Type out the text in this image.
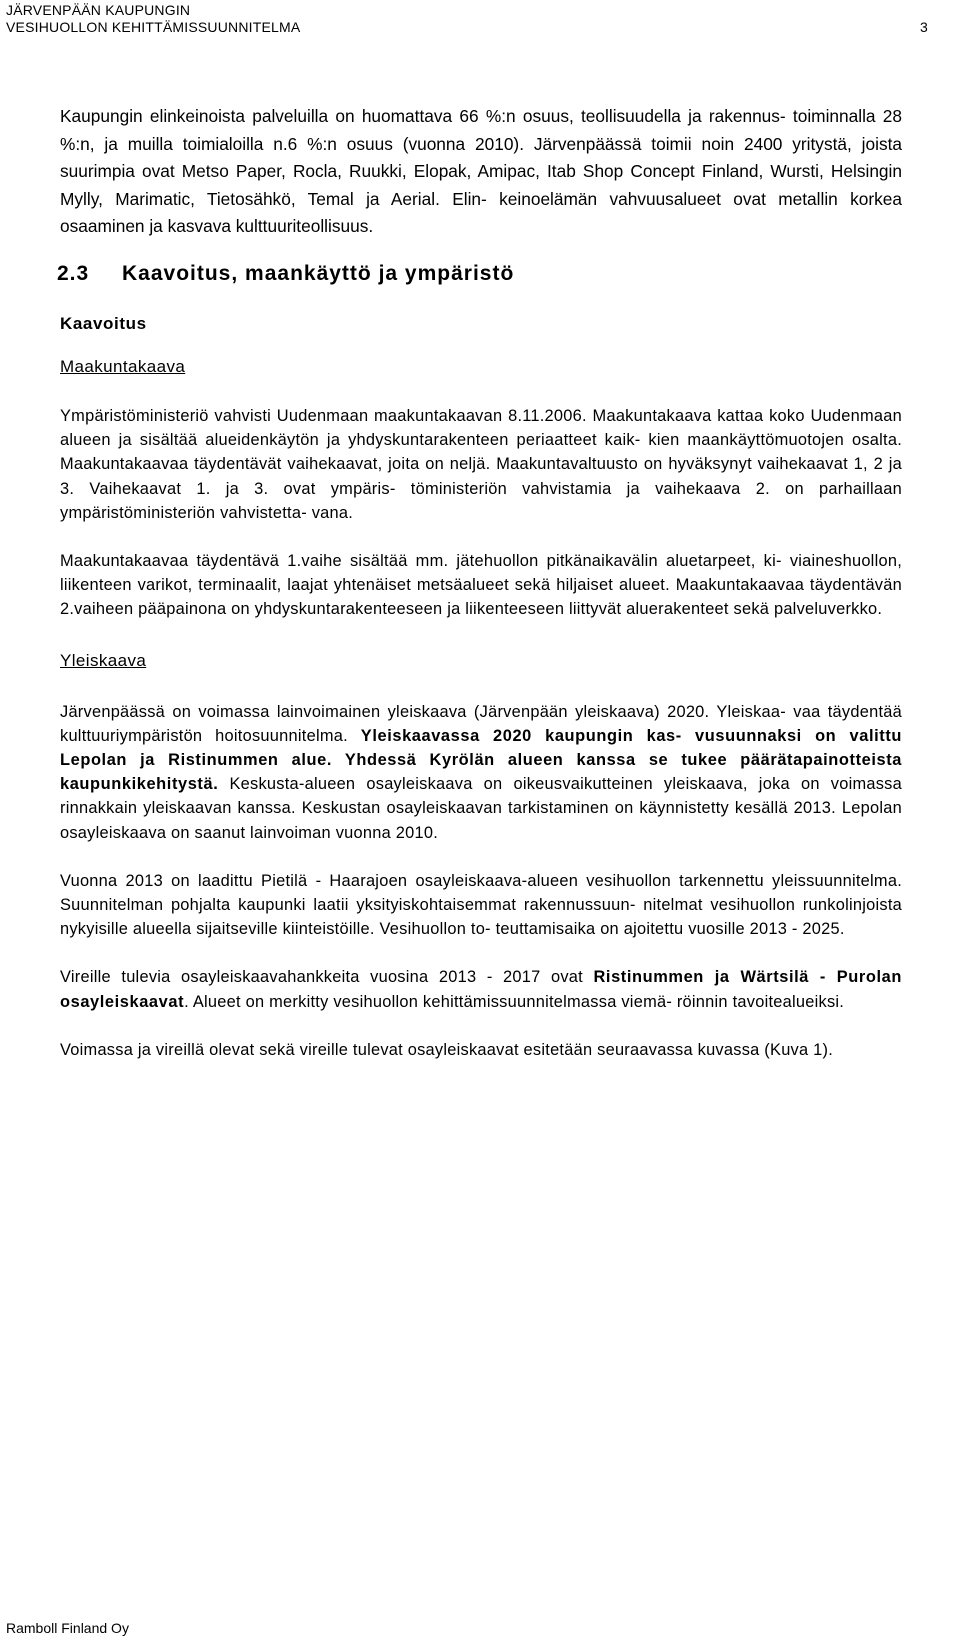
JÄRVENPÄÄN KAUPUNGIN
VESIHUOLLON KEHITTÄMISSUUNNITELMA	3

Kaupungin elinkeinoista palveluilla on huomattava 66 %:n osuus, teollisuudella ja rakennus- toiminnalla 28 %:n, ja muilla toimialoilla n.6 %:n osuus (vuonna 2010). Järvenpäässä toimii noin 2400 yritystä, joista suurimpia ovat Metso Paper, Rocla, Ruukki, Elopak, Amipac, Itab Shop Concept Finland, Wursti, Helsingin Mylly, Marimatic, Tietosähkö, Temal ja Aerial. Elin- keinoelämän vahvuusalueet ovat metallin korkea osaaminen ja kasvava kulttuuriteollisuus.

2.3 Kaavoitus, maankäyttö ja ympäristö
Kaavoitus
Maakuntakaava

Ympäristöministeriö vahvisti Uudenmaan maakuntakaavan 8.11.2006. Maakuntakaava kattaa koko Uudenmaan alueen ja sisältää alueidenkäytön ja yhdyskuntarakenteen periaatteet kaik- kien maankäyttömuotojen osalta. Maakuntakaavaa täydentävät vaihekaavat, joita on neljä. Maakuntavaltuusto on hyväksynyt vaihekaavat 1, 2 ja 3. Vaihekaavat 1. ja 3. ovat ympäris- töministeriön vahvistamia ja vaihekaava 2. on parhaillaan ympäristöministeriön vahvistetta- vana.

Maakuntakaavaa täydentävä 1.vaihe sisältää mm. jätehuollon pitkänaikavälin aluetarpeet, ki- viaineshuollon, liikenteen varikot, terminaalit, laajat yhtenäiset metsäalueet sekä hiljaiset alueet. Maakuntakaavaa täydentävän 2.vaiheen pääpainona on yhdyskuntarakenteeseen ja liikenteeseen liittyvät aluerakenteet sekä palveluverkko.

Yleiskaava

Järvenpäässä on voimassa lainvoimainen yleiskaava (Järvenpään yleiskaava) 2020. Yleiskaa- vaa täydentää kulttuuriympäristön hoitosuunnitelma. Yleiskaavassa 2020 kaupungin kas- vusuunnaksi on valittu Lepolan ja Ristinummen alue. Yhdessä Kyrölän alueen kanssa se tukee päärätapainotteista kaupunkikehitystä. Keskusta-alueen osayleiskaava on oikeusvaikutteinen yleiskaava, joka on voimassa rinnakkain yleiskaavan kanssa. Keskustan osayleiskaavan tarkistaminen on käynnistetty kesällä 2013. Lepolan osayleiskaava on saanut lainvoiman vuonna 2010.

Vuonna 2013 on laadittu Pietilä - Haarajoen osayleiskaava-alueen vesihuollon tarkennettu yleissuunnitelma. Suunnitelman pohjalta kaupunki laatii yksityiskohtaisemmat rakennussuun- nitelmat vesihuollon runkolinjoista nykyisille alueella sijaitseville kiinteistöille. Vesihuollon to- teuttamisaika on ajoitettu vuosille 2013 - 2025.

Vireille tulevia osayleiskaavahankkeita vuosina 2013 - 2017 ovat Ristinummen ja Wärtsilä - Purolan osayleiskaavat. Alueet on merkitty vesihuollon kehittämissuunnitelmassa viemä- röinnin tavoitealueiksi.

Voimassa ja vireillä olevat sekä vireille tulevat osayleiskaavat esitetään seuraavassa kuvassa (Kuva 1).

Ramboll Finland Oy
